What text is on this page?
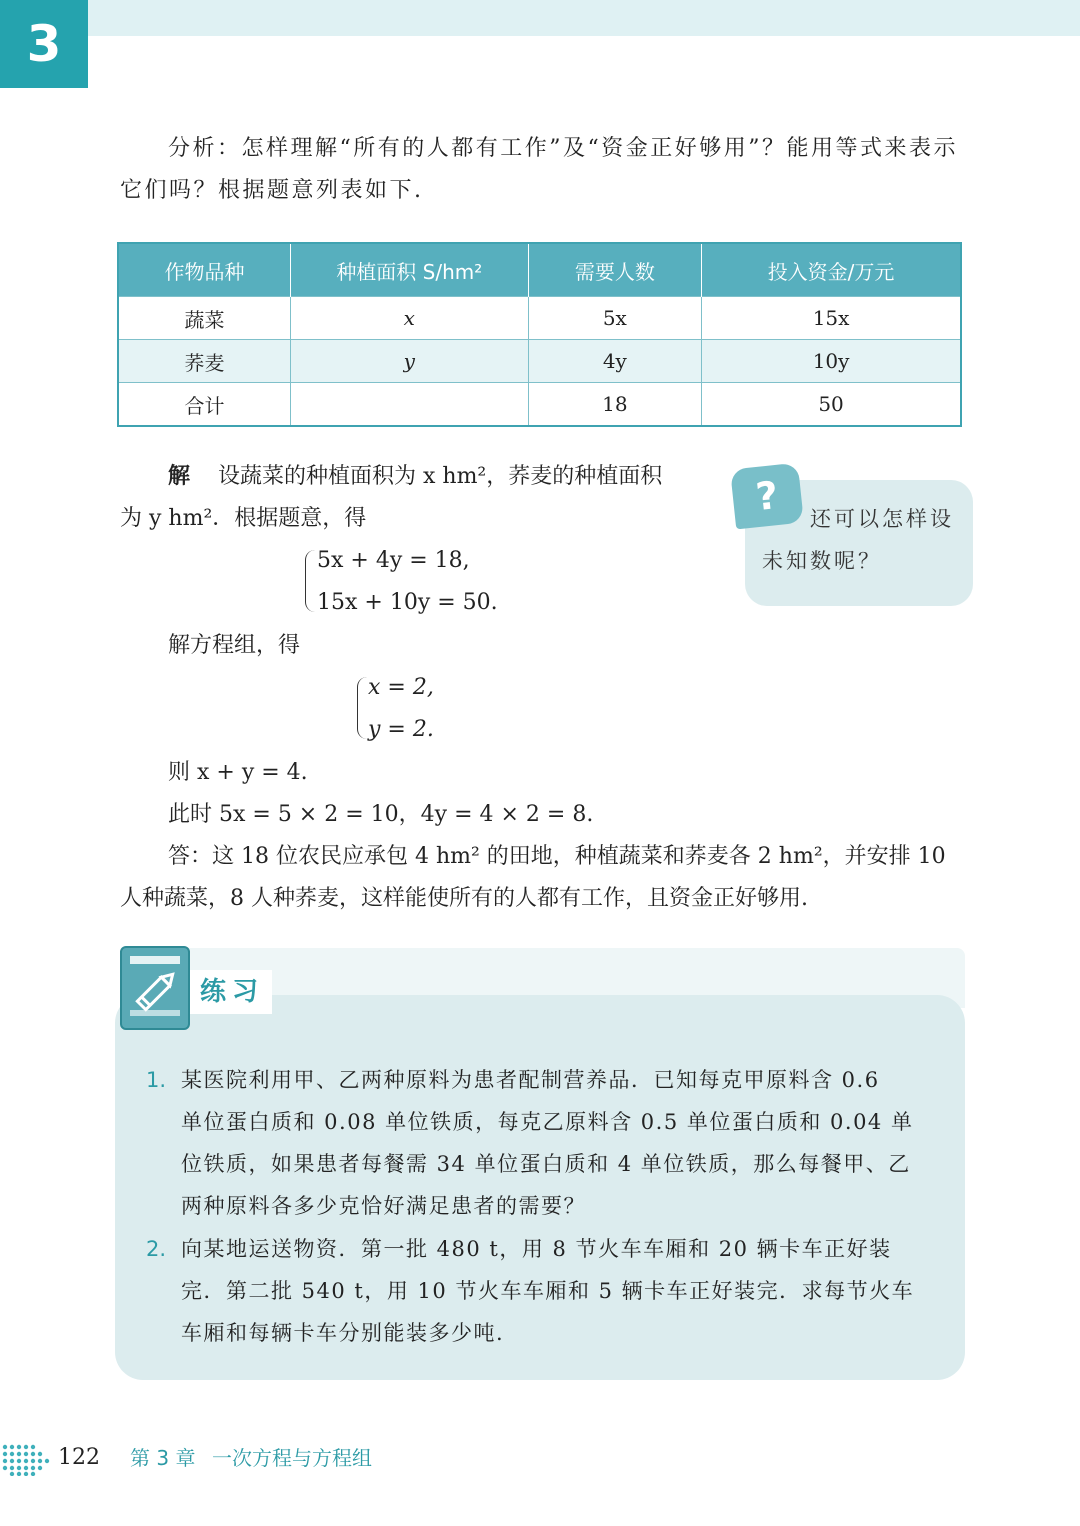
3
分析：怎样理解“所有的人都有工作”及“资金正好够用”？能用等式来表示
它们吗？根据题意列表如下.
作物品种	种植面积 S/hm²	需要人数	投入资金/万元
蔬菜	x	5x	15x
荞麦	y	4y	10y
合计		18	50
解 设蔬菜的种植面积为 x hm²，荞麦的种植面积
为 y hm²．根据题意，得
5x + 4y = 18,
15x + 10y = 50.
解方程组，得
x = 2,
y = 2.
则 x + y = 4.
此时 5x = 5 × 2 = 10，4y = 4 × 2 = 8.
答：这 18 位农民应承包 4 hm² 的田地，种植蔬菜和荞麦各 2 hm²，并安排 10
人种蔬菜，8 人种荞麦，这样能使所有的人都有工作，且资金正好够用.
?	还可以怎样设
未知数呢？
练习
1. 某医院利用甲、乙两种原料为患者配制营养品．已知每克甲原料含 0.6
单位蛋白质和 0.08 单位铁质，每克乙原料含 0.5 单位蛋白质和 0.04 单
位铁质，如果患者每餐需 34 单位蛋白质和 4 单位铁质，那么每餐甲、乙
两种原料各多少克恰好满足患者的需要？
2. 向某地运送物资．第一批 480 t，用 8 节火车车厢和 20 辆卡车正好装
完．第二批 540 t，用 10 节火车车厢和 5 辆卡车正好装完．求每节火车
车厢和每辆卡车分别能装多少吨.
122 第 3 章 一次方程与方程组
